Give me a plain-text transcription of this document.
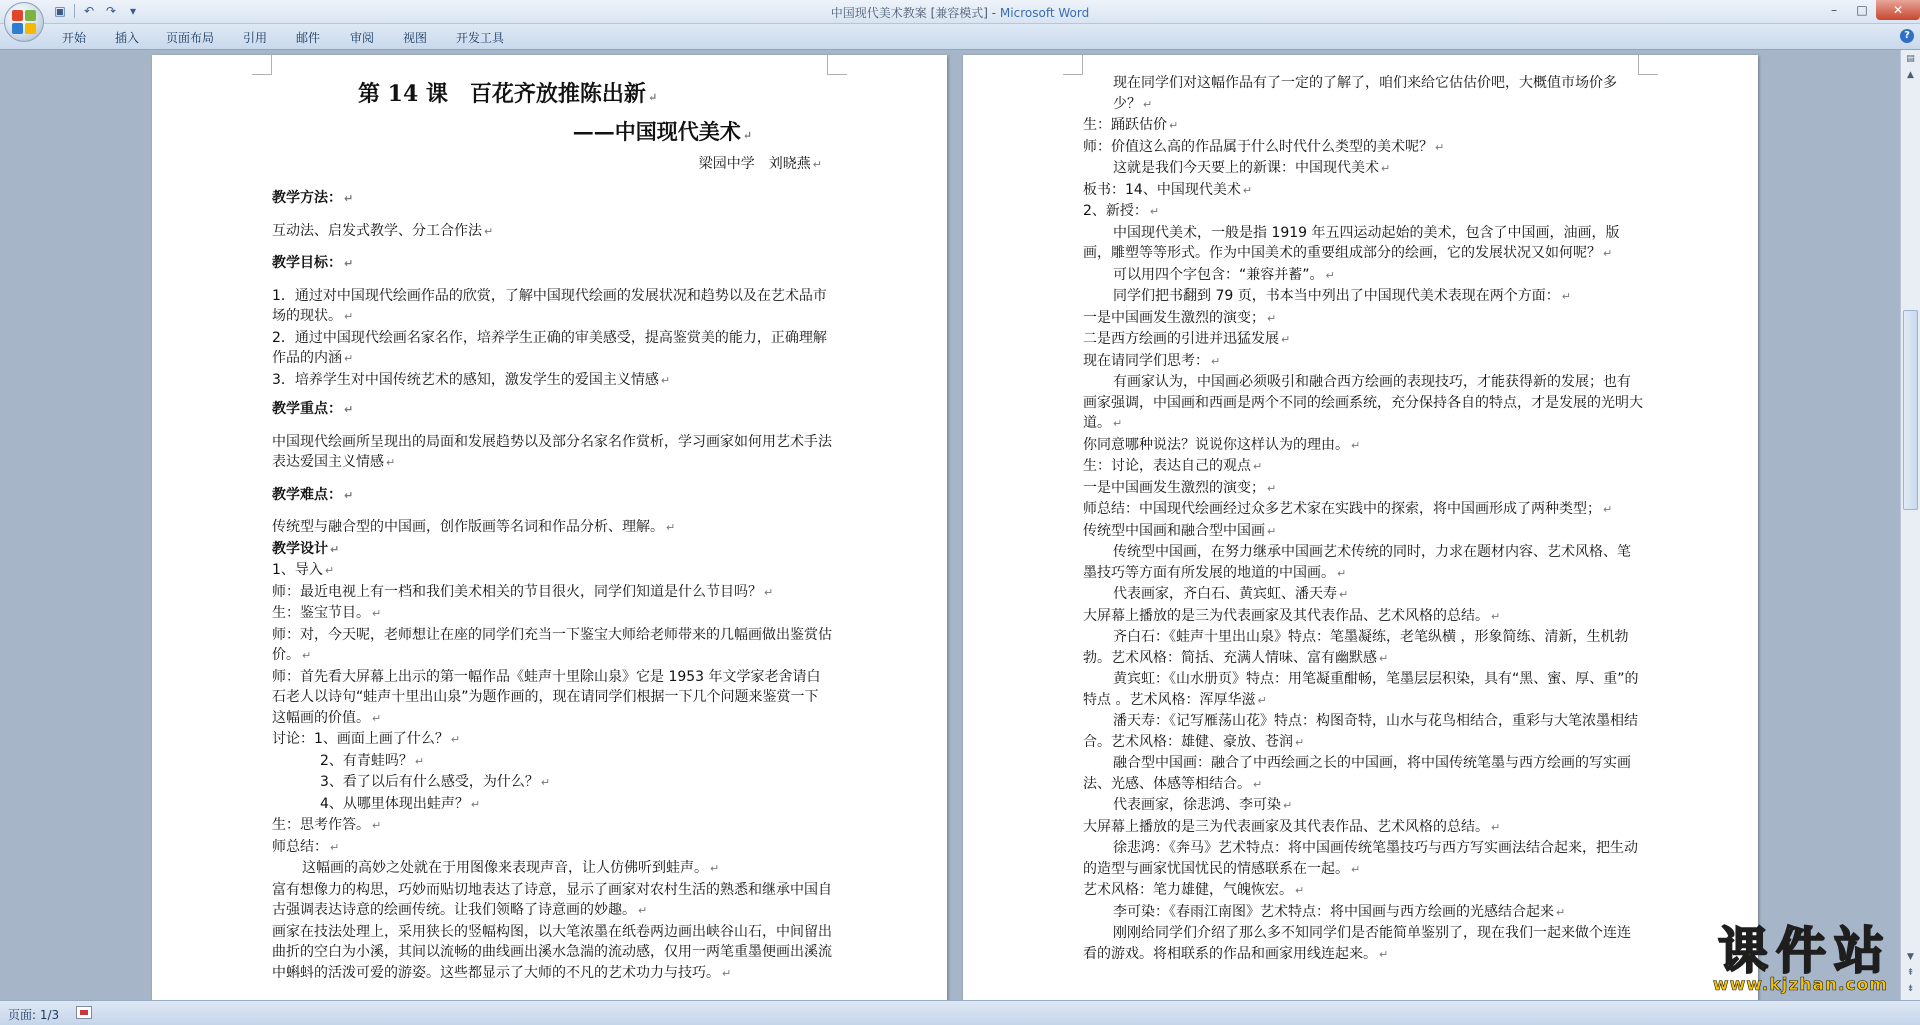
▣ ↶ ↷	▾	中国现代美术教案 [兼容模式] - Microsoft Word	–	□	✕
开始 插入 页面布局 引用 邮件 审阅 视图 开发工具	?

第 14 课　百花齐放推陈出新 ↵

——中国现代美术 ↵

梁园中学　刘晓燕 ↵

教学方法： ↵

互动法、启发式教学、分工合作法 ↵

教学目标： ↵

1．通过对中国现代绘画作品的欣赏，了解中国现代绘画的发展状况和趋势以及在艺术品市场的现状。 ↵

2．通过中国现代绘画名家名作，培养学生正确的审美感受，提高鉴赏美的能力，正确理解作品的内涵 ↵

3．培养学生对中国传统艺术的感知，激发学生的爱国主义情感 ↵

教学重点： ↵

中国现代绘画所呈现出的局面和发展趋势以及部分名家名作赏析，学习画家如何用艺术手法表达爱国主义情感 ↵

教学难点： ↵

传统型与融合型的中国画，创作版画等名词和作品分析、理解。 ↵

教学设计 ↵

1、导入 ↵

师：最近电视上有一档和我们美术相关的节目很火，同学们知道是什么节目吗？ ↵

生：鉴宝节目。 ↵

师：对，今天呢，老师想让在座的同学们充当一下鉴宝大师给老师带来的几幅画做出鉴赏估价。 ↵

师：首先看大屏幕上出示的第一幅作品《蛙声十里除山泉》它是 1953 年文学家老舍请白石老人以诗句“蛙声十里出山泉”为题作画的，现在请同学们根据一下几个问题来鉴赏一下这幅画的价值。 ↵

讨论：1、画面上画了什么？ ↵

2、有青蛙吗？ ↵

3、看了以后有什么感受，为什么？ ↵

4、从哪里体现出蛙声？ ↵

生：思考作答。 ↵

师总结： ↵

这幅画的高妙之处就在于用图像来表现声音，让人仿佛听到蛙声。 ↵

富有想像力的构思，巧妙而贴切地表达了诗意，显示了画家对农村生活的熟悉和继承中国自古强调表达诗意的绘画传统。让我们领略了诗意画的妙趣。 ↵

画家在技法处理上，采用狭长的竖幅构图，以大笔浓墨在纸卷两边画出峡谷山石，中间留出曲折的空白为小溪，其间以流畅的曲线画出溪水急湍的流动感，仅用一两笔重墨便画出溪流中蝌蚪的活泼可爱的游姿。这些都显示了大师的不凡的艺术功力与技巧。 ↵

现在同学们对这幅作品有了一定的了解了，咱们来给它估估价吧，大概值市场价多少？ ↵

生：踊跃估价 ↵

师：价值这么高的作品属于什么时代什么类型的美术呢？ ↵

这就是我们今天要上的新课：中国现代美术 ↵

板书：14、中国现代美术 ↵

2、新授： ↵

中国现代美术，一般是指 1919 年五四运动起始的美术，包含了中国画，油画，版画，雕塑等等形式。作为中国美术的重要组成部分的绘画，它的发展状况又如何呢？ ↵

可以用四个字包含：“兼容并蓄”。 ↵

同学们把书翻到 79 页，书本当中列出了中国现代美术表现在两个方面： ↵

一是中国画发生激烈的演变； ↵

二是西方绘画的引进并迅猛发展 ↵

现在请同学们思考： ↵

有画家认为，中国画必须吸引和融合西方绘画的表现技巧，才能获得新的发展；也有画家强调，中国画和西画是两个不同的绘画系统，充分保持各自的特点，才是发展的光明大道。 ↵

你同意哪种说法？说说你这样认为的理由。 ↵

生：讨论，表达自己的观点 ↵

一是中国画发生激烈的演变； ↵

师总结：中国现代绘画经过众多艺术家在实践中的探索，将中国画形成了两种类型； ↵

传统型中国画和融合型中国画 ↵

传统型中国画，在努力继承中国画艺术传统的同时，力求在题材内容、艺术风格、笔墨技巧等方面有所发展的地道的中国画。 ↵

代表画家，齐白石、黄宾虹、潘天寿 ↵

大屏幕上播放的是三为代表画家及其代表作品、艺术风格的总结。 ↵

齐白石：《蛙声十里出山泉》特点：笔墨凝练，老笔纵横 ，形象简练、清新，生机勃勃。艺术风格：简括、充满人情味、富有幽默感 ↵

黄宾虹：《山水册页》特点：用笔凝重酣畅，笔墨层层积染，具有“黑、蜜、厚、重”的特点 。艺术风格：浑厚华滋 ↵

潘天寿：《记写雁荡山花》特点：构图奇特，山水与花鸟相结合，重彩与大笔浓墨相结合。艺术风格：雄健、豪放、苍润 ↵

融合型中国画：融合了中西绘画之长的中国画，将中国传统笔墨与西方绘画的写实画法、光感、体感等相结合。 ↵

代表画家，徐悲鸿、李可染 ↵

大屏幕上播放的是三为代表画家及其代表作品、艺术风格的总结。 ↵

徐悲鸿：《奔马》艺术特点：将中国画传统笔墨技巧与西方写实画法结合起来，把生动的造型与画家忧国忧民的情感联系在一起。 ↵

艺术风格：笔力雄健，气魄恢宏。 ↵

李可染：《春雨江南图》艺术特点：将中国画与西方绘画的光感结合起来 ↵

刚刚给同学们介绍了那么多不知同学们是否能简单鉴别了，现在我们一起来做个连连看的游戏。将相联系的作品和画家用线连起来。 ↵

▤
▲
▼
⇞
⇟
课件站
www.kjzhan.com
页面: 1/3
